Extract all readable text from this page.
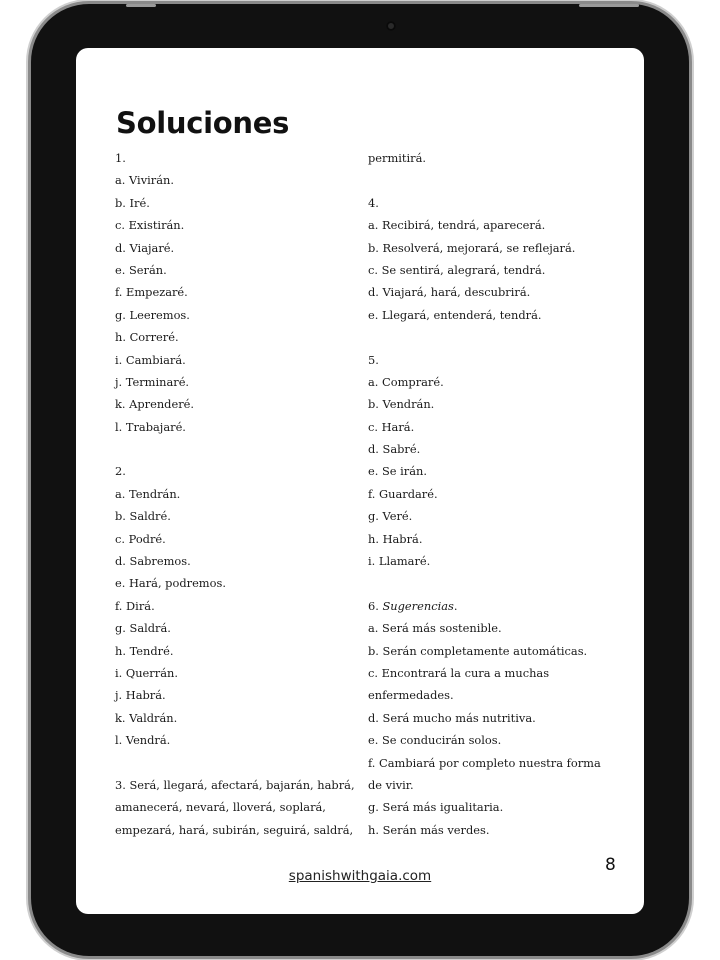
Soluciones
1.
a. Vivirán.
b. Iré.
c. Existirán.
d. Viajaré.
e. Serán.
f. Empezaré.
g. Leeremos.
h. Correré.
i. Cambiará.
j. Terminaré.
k. Aprenderé.
l. Trabajaré.
2.
a. Tendrán.
b. Saldré.
c. Podré.
d. Sabremos.
e. Hará, podremos.
f. Dirá.
g. Saldrá.
h. Tendré.
i. Querrán.
j. Habrá.
k. Valdrán.
l. Vendrá.
3. Será, llegará, afectará, bajarán, habrá,
amanecerá, nevará, lloverá, soplará,
empezará, hará, subirán, seguirá, saldrá,
permitirá.
4.
a. Recibirá, tendrá, aparecerá.
b. Resolverá, mejorará, se reflejará.
c. Se sentirá, alegrará, tendrá.
d. Viajará, hará, descubrirá.
e. Llegará, entenderá, tendrá.
5.
a. Compraré.
b. Vendrán.
c. Hará.
d. Sabré.
e. Se irán.
f. Guardaré.
g. Veré.
h. Habrá.
i. Llamaré.
6. Sugerencias.
a. Será más sostenible.
b. Serán completamente automáticas.
c. Encontrará la cura a muchas
enfermedades.
d. Será mucho más nutritiva.
e. Se conducirán solos.
f. Cambiará por completo nuestra forma
de vivir.
g. Será más igualitaria.
h. Serán más verdes.
spanishwithgaia.com
8
